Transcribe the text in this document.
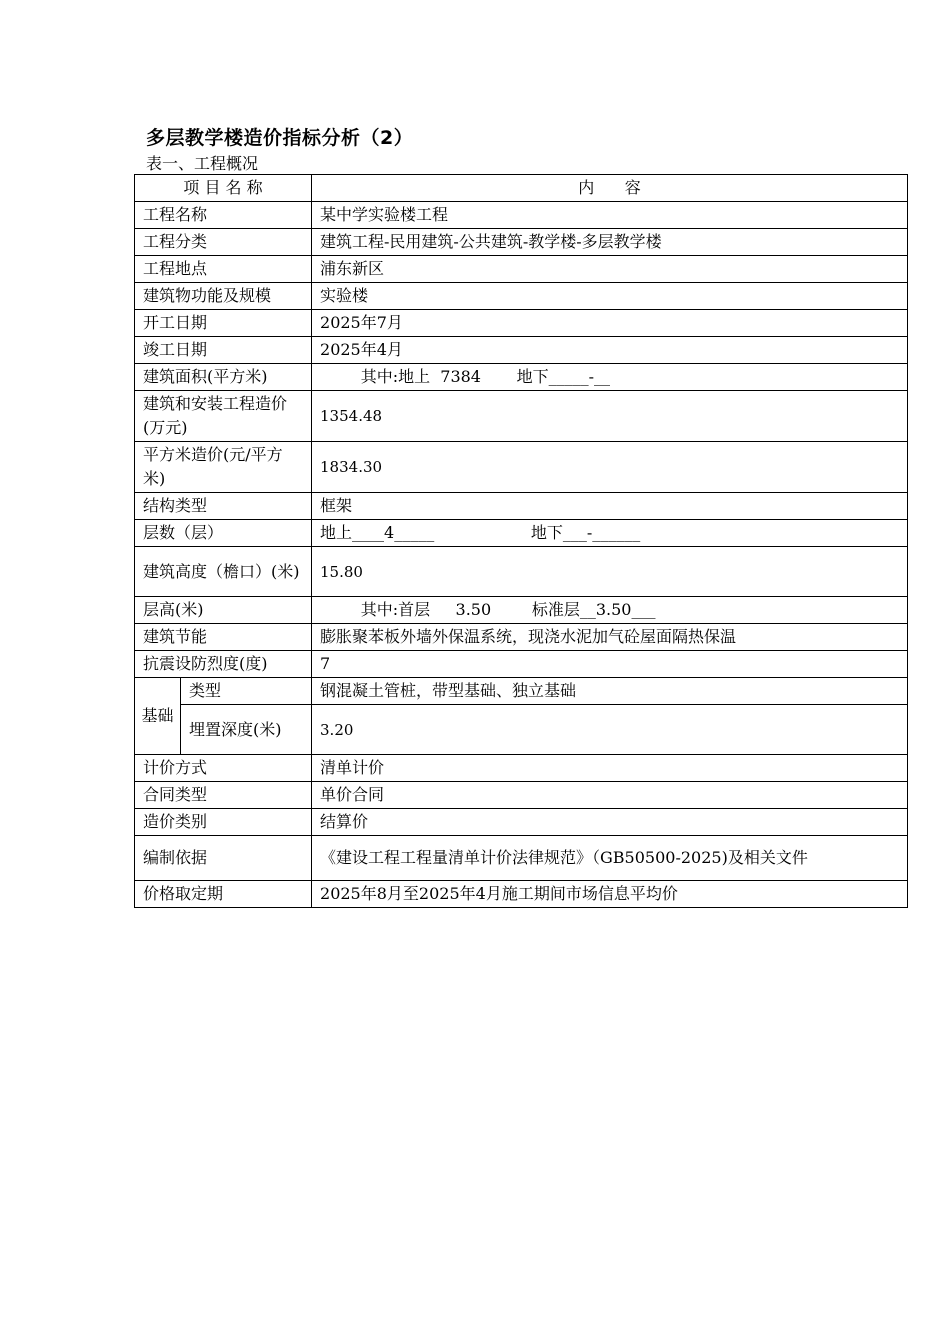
多层教学楼造价指标分析（2）
表一、工程概况
项 目 名 称		内      容
工程名称		某中学实验楼工程
工程分类		建筑工程-民用建筑-公共建筑-教学楼-多层教学楼
工程地点		浦东新区
建筑物功能及规模		实验楼
开工日期		2025年7月
竣工日期		2025年4月
建筑面积(平方米)		其中:地上  7384       地下_____-__
建筑和安装工程造价(万元)		1354.48
平方米造价(元/平方米)		1834.30
结构类型		框架
层数（层）		地上____4_____                   地下___-______
建筑高度（檐口）(米)		15.80
层高(米)		其中:首层     3.50        标准层__3.50___
建筑节能		膨胀聚苯板外墙外保温系统，现浇水泥加气砼屋面隔热保温
抗震设防烈度(度)		7
基础	类型	钢混凝土管桩，带型基础、独立基础
	埋置深度(米)	3.20
计价方式		清单计价
合同类型		单价合同
造价类别		结算价
编制依据		《建设工程工程量清单计价法律规范》（GB50500-2025)及相关文件
价格取定期		2025年8月至2025年4月施工期间市场信息平均价
